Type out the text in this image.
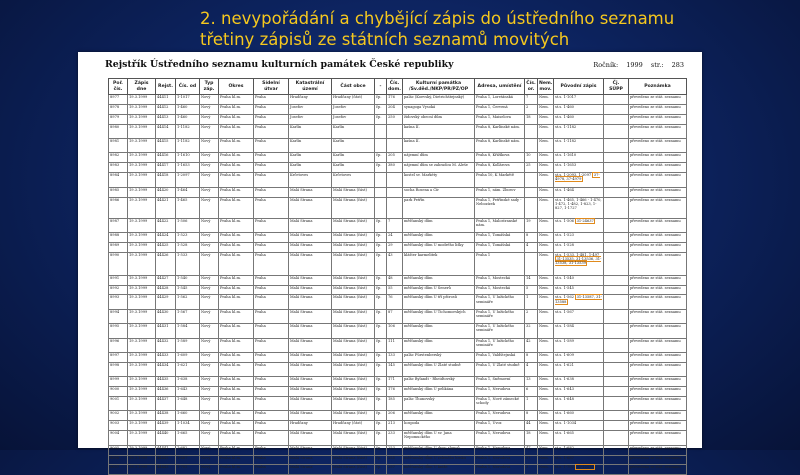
2. nevypořádání a chybějící zápis do ústředního seznamu
třetiny zápisů ze státních seznamů movitých
Rejstřík Ústředního seznamu kulturních památek České republiky	Ročník: 1999 str.: 283
Poř. čís.	Zápis dne	Rejst.	Čís. od	Typ záp.	Okres	Sídelní útvar	Katastrální území	Část obce	-	Čís. dom.	Kulturní památka /Sv.děd./NKP/PR/PZ/OP	Adresa, umístění	Čís. or.	Nem. mov.	Původní zápis	Čj. SÚPP	Poznámka
8977	19.3.1999	44411	1-1017	Nový	Praha hl.m.	Praha	Hradčany	Hradčany (část)	čp.	176	palác (Koevský, Dietrichštejnský)	Praha 1, Loretánská	7	Nem.	st.s. 1-1017		převedeno ze stát. seznamu
8978	19.3.1999	44412	1-460	Nový	Praha hl.m.	Praha	Josefov	Josefov	čp.	204	synagoga Vysoká	Praha 1, Červená	2	Nem.	st.s. 1-460		převedeno ze stát. seznamu
8979	19.3.1999	44413	1-460	Nový	Praha hl.m.	Praha	Josefov	Josefov	čp.	250	židovský obecní dům	Praha 1, Maiselova	18	Nem.	st.s. 1-460		převedeno ze stát. seznamu
8980	19.3.1999	44414	1-1182	Nový	Praha hl.m.	Praha	Karlín	Karlín			kašna II.	Praha 8, Karlínské nám.		Nem.	st.s. 1-1182		převedeno ze stát. seznamu
8981	19.3.1999	44415	1-1182	Nový	Praha hl.m.	Praha	Karlín	Karlín			kašna II.	Praha 8, Karlínské nám.		Nem.	st.s. 1-1182		převedeno ze stát. seznamu
8982	19.3.1999	44416	1-1610	Nový	Praha hl.m.	Praha	Karlín	Karlín	čp.	205	nájemní dům	Praha 8, Křižíkova	10	Nem.	st.s. 1-1610		převedeno ze stát. seznamu
8983	19.3.1999	44417	1-1653	Nový	Praha hl.m.	Praha	Karlín	Karlín	čp.	380	nájemní dům se zahradou M. Aleše	Praha 8, Kollárova	25	Nem.	st.s. 1-1653		převedeno ze stát. seznamu
8984	19.3.1999	44418	1-2097	Nový	Praha hl.m.	Praha	Krčetoves	Krčetoves			kostel sv. Markéty	Praha 10, K Markétě		Nem.	st.s. 1-2093, 1-2097 37-4978, 37-4979		převedeno ze stát. seznamu
8985	19.3.1999	44420	1-464	Nový	Praha hl.m.	Praha	Malá Strana	Malá Strana (část)			socha Rosena a Cír	Praha 1, nám. Zborov		Nem.	st.s. 1-464		převedeno ze stát. seznamu
8986	19.3.1999	44421	1-465	Nový	Praha hl.m.	Praha	Malá Strana	Malá Strana (část)			park Petřín	Praha 1, Petřínské sady - Nebozízek		Nem.	st.s. 1-465, 1-466 - 1-470, 1-472, 1-482, 1-823, 1-827, 1-1727		převedeno ze stát. seznamu
8987	19.3.1999	44422	1-506	Nový	Praha hl.m.	Praha	Malá Strana	Malá Strana (část)	čp.	7	měšťanský dům	Praha 1, Malostranské nám.	19	Nem.	st.s. 1-506 31-24637		převedeno ze stát. seznamu
8988	19.3.1999	44424	1-523	Nový	Praha hl.m.	Praha	Malá Strana	Malá Strana (část)	čp.	24	měšťanský dům	Praha 1, Tomášská	8	Nem.	st.s. 1-523		převedeno ze stát. seznamu
8989	19.3.1999	44425	1-528	Nový	Praha hl.m.	Praha	Malá Strana	Malá Strana (část)	čp.	29	měšťanský dům U modrého lišky	Praha 1, Tomášská	4	Nem.	st.s. 1-528		převedeno ze stát. seznamu
8990	19.3.1999	44426	1-533	Nový	Praha hl.m.	Praha	Malá Strana	Malá Strana (část)	čp.	43	klášter karmelitek	Praha 1		Nem.	st.s. 1-533, 1-481, 1-497 31-13535, 31-13536, 31-13538, 31-13539		převedeno ze stát. seznamu
8991	19.3.1999	44427	1-540	Nový	Praha hl.m.	Praha	Malá Strana	Malá Strana (část)	čp.	48	měšťanský dům	Praha 1, Mostecká	14	Nem.	st.s. 1-540		převedeno ze stát. seznamu
8992	19.3.1999	44428	1-545	Nový	Praha hl.m.	Praha	Malá Strana	Malá Strana (část)	čp.	55	měšťanský dům U Šenerů	Praha 1, Mostecká	5	Nem.	st.s. 1-545		převedeno ze stát. seznamu
8993	19.3.1999	44429	1-562	Nový	Praha hl.m.	Praha	Malá Strana	Malá Strana (část)	čp.	76	měšťanský dům U tří pštrosů	Praha 1, U lužického semináře	1	Nem.	st.s. 1-562 31-13587, 31-13588		převedeno ze stát. seznamu
8994	19.3.1999	44430	1-567	Nový	Praha hl.m.	Praha	Malá Strana	Malá Strana (část)	čp.	87	měšťanský dům U Tichomorských	Praha 1, U lužického semináře	2	Nem.	st.s. 1-567		převedeno ze stát. seznamu
8995	19.3.1999	44431	1-584	Nový	Praha hl.m.	Praha	Malá Strana	Malá Strana (část)	čp.	106	měšťanský dům	Praha 1, U lužického semináře	32	Nem.	st.s. 1-584		převedeno ze stát. seznamu
8996	19.3.1999	44432	1-589	Nový	Praha hl.m.	Praha	Malá Strana	Malá Strana (část)	čp.	111	měšťanský dům	Praha 1, U lužického semináře	42	Nem.	st.s. 1-589		převedeno ze stát. seznamu
8997	19.3.1999	44433	1-609	Nový	Praha hl.m.	Praha	Malá Strana	Malá Strana (část)	čp.	133	palác Fürstenberský	Praha 1, Valdštejnská	8	Nem.	st.s. 1-609		převedeno ze stát. seznamu
8998	19.3.1999	44434	1-621	Nový	Praha hl.m.	Praha	Malá Strana	Malá Strana (část)	čp.	145	měšťanský dům U Zlaté studně	Praha 1, U Zlaté studně	4	Nem.	st.s. 1-621		převedeno ze stát. seznamu
8999	19.3.1999	44435	1-638	Nový	Praha hl.m.	Praha	Malá Strana	Malá Strana (část)	čp.	171	palác Bylandt - Rheidtovský	Praha 1, Sněmovní	13	Nem.	st.s. 1-638		převedeno ze stát. seznamu
9000	19.3.1999	44436	1-643	Nový	Praha hl.m.	Praha	Malá Strana	Malá Strana (část)	čp.	176	měšťanský dům U pelikána	Praha 1, Nerudova	6	Nem.	st.s. 1-643		převedeno ze stát. seznamu
9001	19.3.1999	44437	1-648	Nový	Praha hl.m.	Praha	Malá Strana	Malá Strana (část)	čp.	185	palác Thunovský	Praha 1, Nové zámecké schody	1	Nem.	st.s. 1-648		převedeno ze stát. seznamu
9002	19.3.1999	44438	1-660	Nový	Praha hl.m.	Praha	Malá Strana	Malá Strana (část)	čp.	206	měšťanský dům	Praha 1, Nerudova	8	Nem.	st.s. 1-660		převedeno ze stát. seznamu
9003	19.3.1999	44439	1-1034	Nový	Praha hl.m.	Praha	Hradčany	Hradčany (část)	čp.	213	hospoda	Praha 1, Úvoz	44	Nem.	st.s. 1-1034		převedeno ze stát. seznamu
9004	19.3.1999	44440	1-665	Nový	Praha hl.m.	Praha	Malá Strana	Malá Strana (část)	čp.	233	měšťanský dům U sv. Jana Nepomuckého	Praha 1, Nerudova	18	Nem.	st.s. 1-665		převedeno ze stát. seznamu
9005	19.3.1999	44441	1-682	Nový	Praha hl.m.	Praha	Malá Strana	Malá Strana (část)	čp.	253	měšťanský dům U dvou slunců	Praha 1, Nerudova	47	Nem.	st.s. 1-682		převedeno ze stát. seznamu
9006	19.3.1999	44442	1-687	Nový	Praha hl.m.	Praha	Malá Strana	Malá Strana (část)	čp.	255	měšťanský dům U zeleného hrnku	Praha 1, Nerudova	37	Nem.	st.s. 1-687		převedeno ze stát. seznamu
9007	19.3.1999	44443	1-702	Nový	Praha hl.m.	Praha	Malá Strana	Malá Strana (část)	čp.	257	měšťanský dům U kníže	Praha 1, Nerudova	3	Nem.	st.s. 1-702 31-12513		převedeno ze stát. seznamu
